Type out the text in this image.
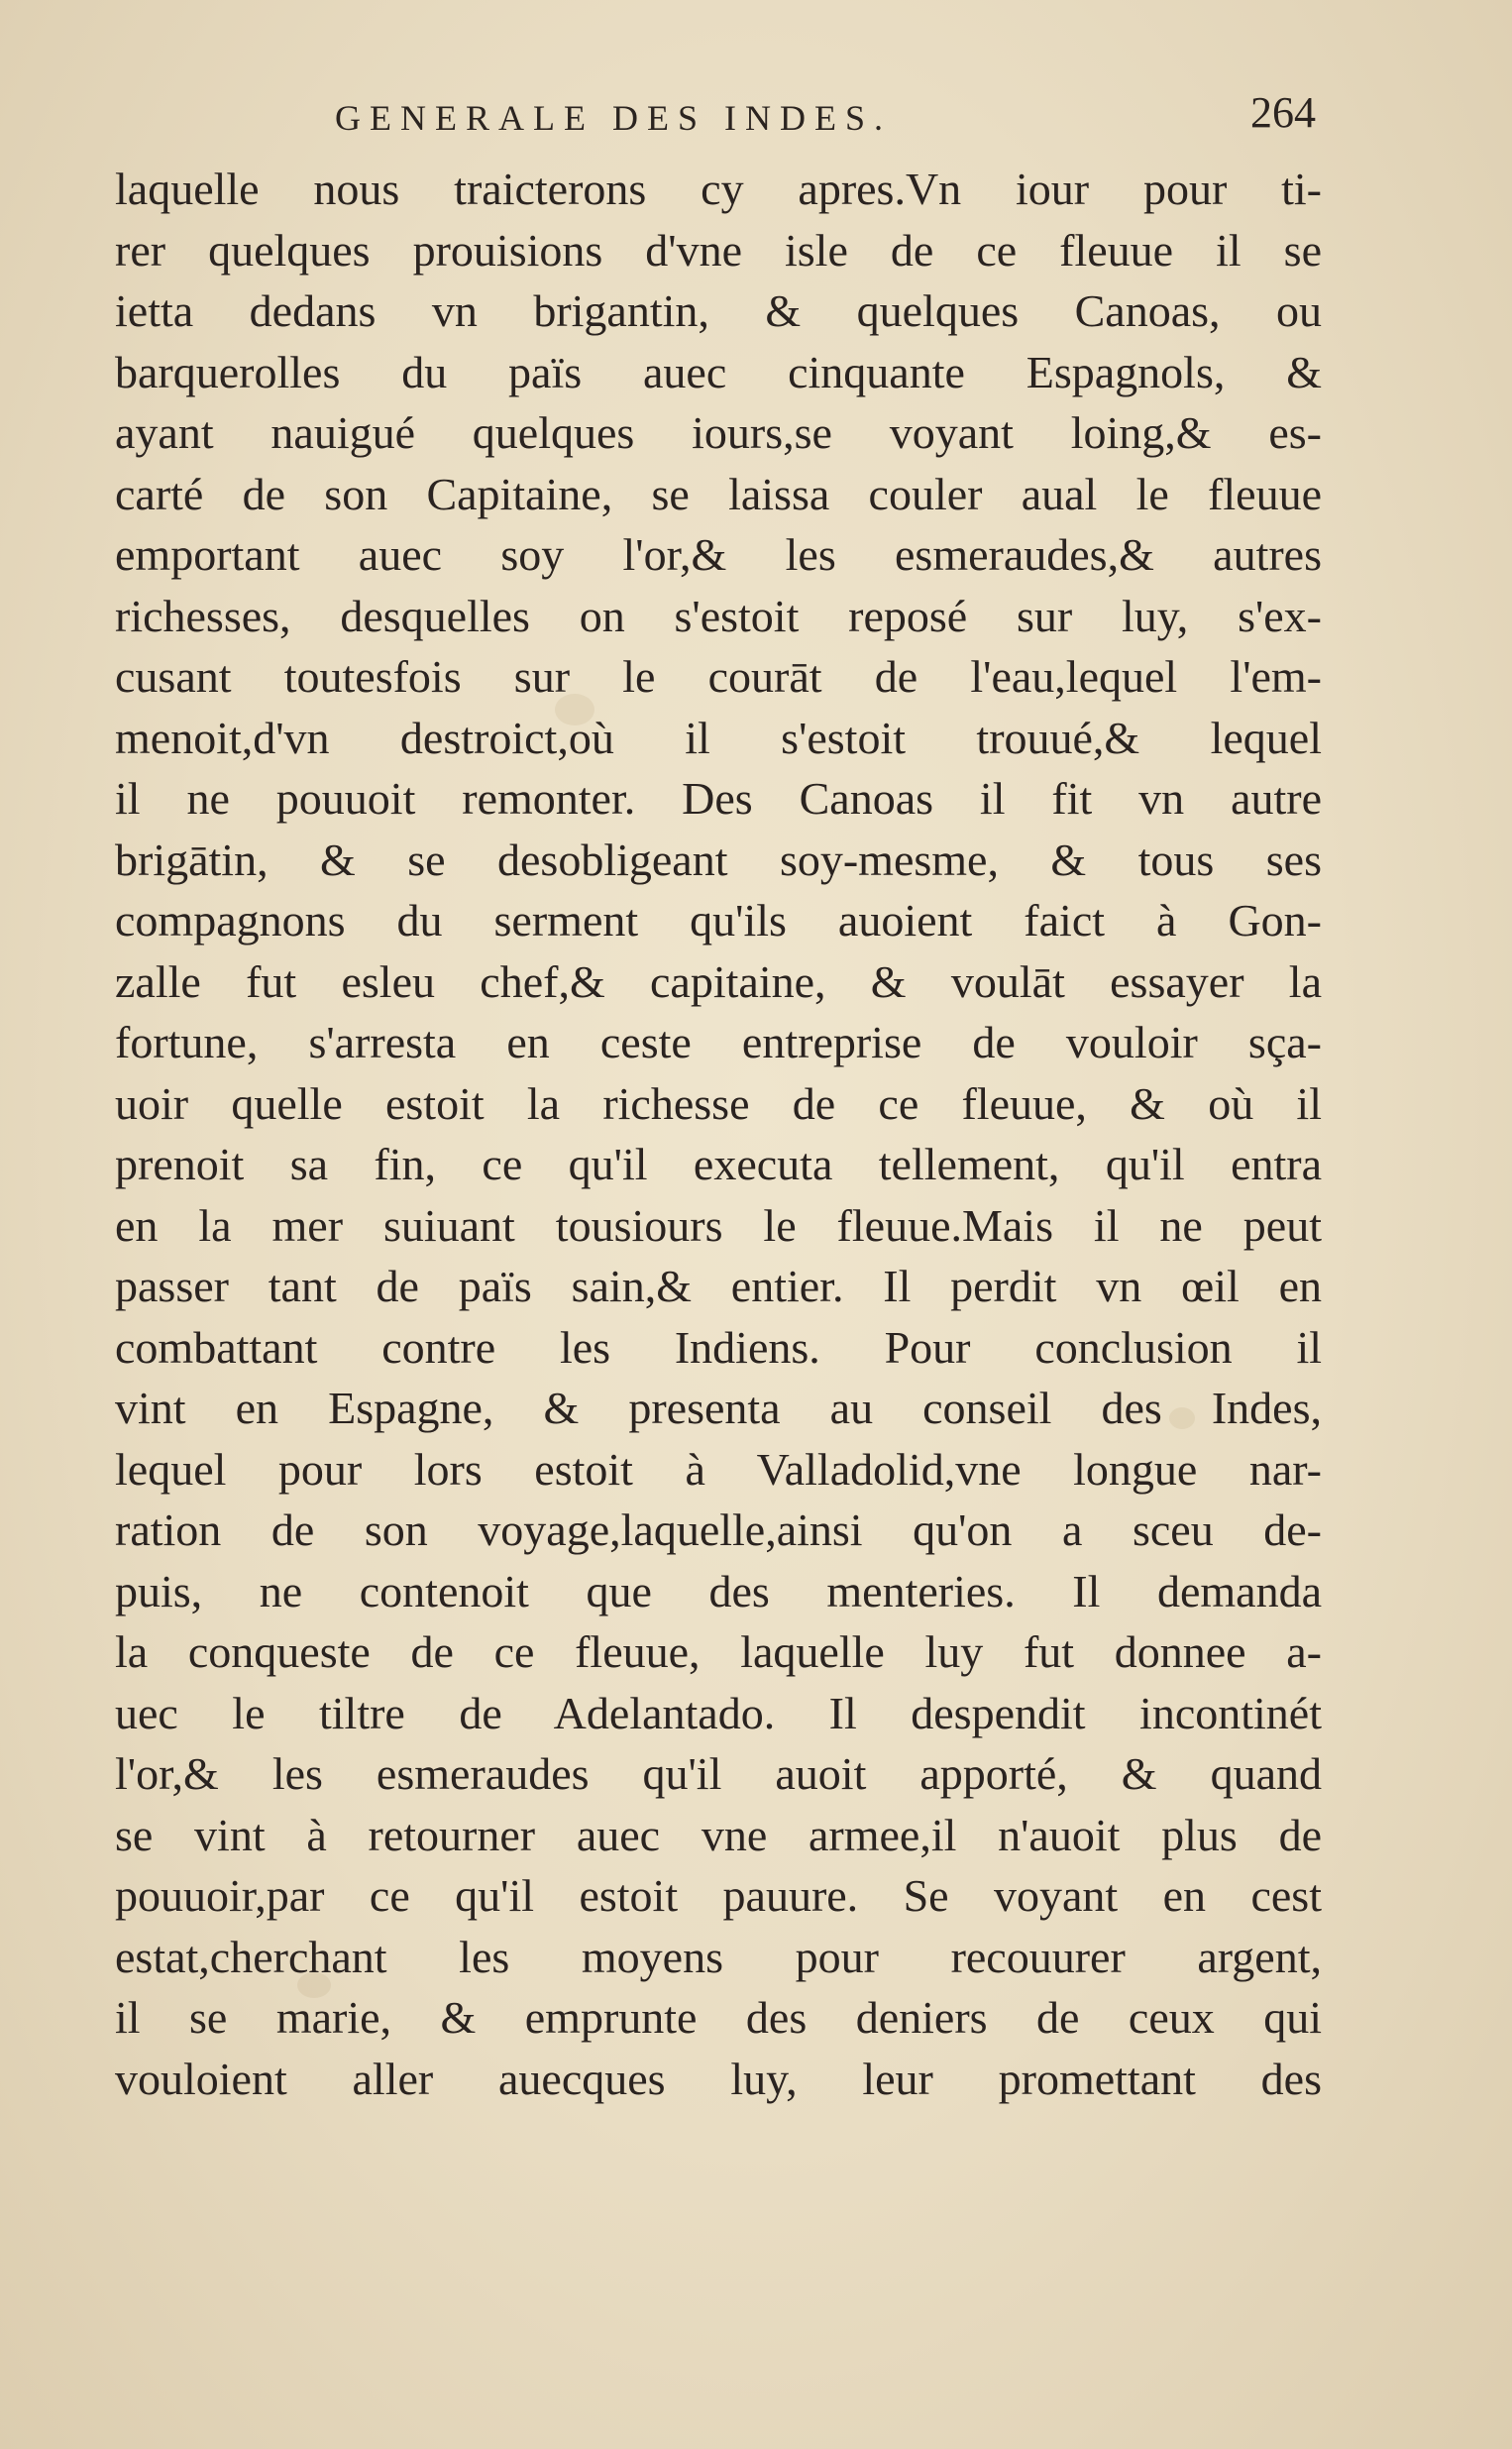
GENERALE DES INDES.	264
laquelle nous traicterons cy apres.Vn iour pour ti-
rer quelques prouisions d'vne isle de ce fleuue il se
ietta dedans vn brigantin, & quelques Canoas, ou
barquerolles du païs auec cinquante Espagnols, &
ayant nauigué quelques iours,se voyant loing,& es-
carté de son Capitaine, se laissa couler aual le fleuue
emportant auec soy l'or,& les esmeraudes,& autres
richesses, desquelles on s'estoit reposé sur luy, s'ex-
cusant toutesfois sur le courāt de l'eau,lequel l'em-
menoit,d'vn destroict,où il s'estoit trouué,& lequel
il ne pouuoit remonter. Des Canoas il fit vn autre
brigātin, & se desobligeant soy-mesme, & tous ses
compagnons du serment qu'ils auoient faict à Gon-
zalle fut esleu chef,& capitaine, & voulāt essayer la
fortune, s'arresta en ceste entreprise de vouloir sça-
uoir quelle estoit la richesse de ce fleuue, & où il
prenoit sa fin, ce qu'il executa tellement, qu'il entra
en la mer suiuant tousiours le fleuue.Mais il ne peut
passer tant de païs sain,& entier. Il perdit vn œil en
combattant contre les Indiens. Pour conclusion il
vint en Espagne, & presenta au conseil des Indes,
lequel pour lors estoit à Valladolid,vne longue nar-
ration de son voyage,laquelle,ainsi qu'on a sceu de-
puis, ne contenoit que des menteries. Il demanda
la conqueste de ce fleuue, laquelle luy fut donnee a-
uec le tiltre de Adelantado. Il despendit incontinét
l'or,& les esmeraudes qu'il auoit apporté, & quand
se vint à retourner auec vne armee,il n'auoit plus de
pouuoir,par ce qu'il estoit pauure. Se voyant en cest
estat,cherchant les moyens pour recouurer argent,
il se marie, & emprunte des deniers de ceux qui
vouloient aller auecques luy, leur promettant des
